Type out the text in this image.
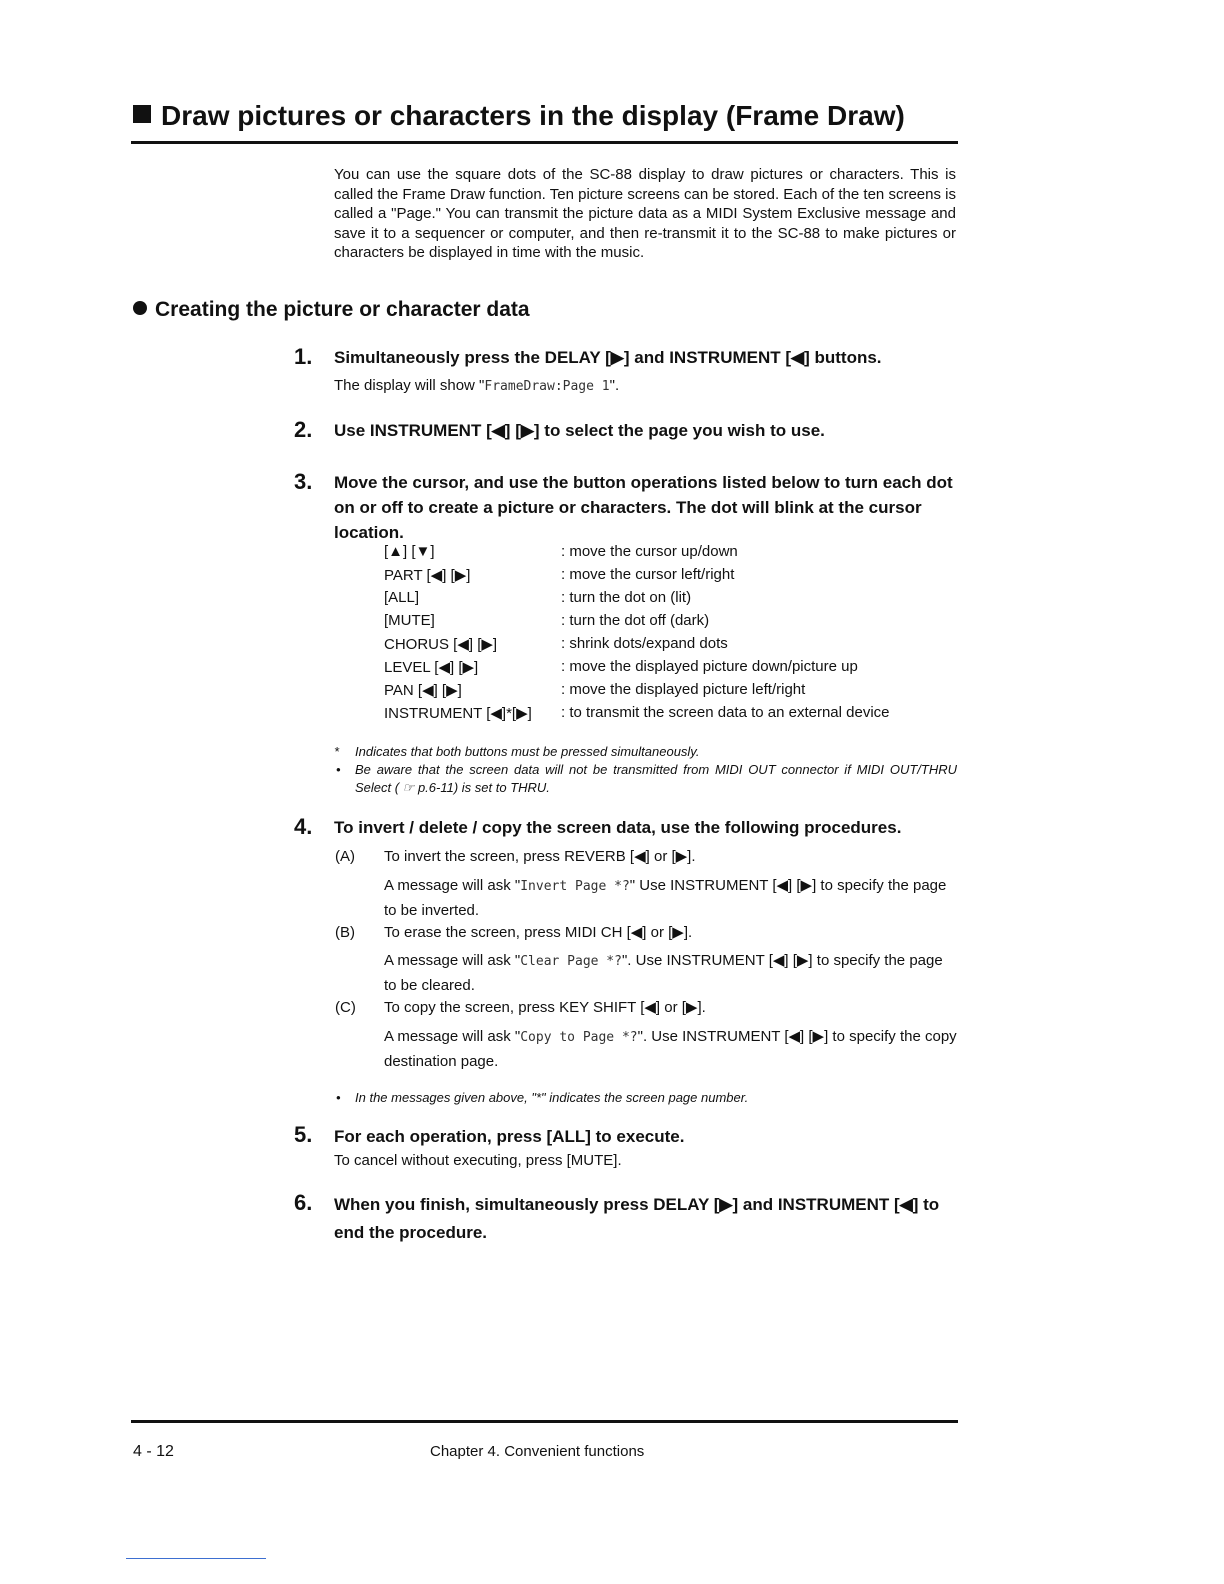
Draw pictures or characters in the display (Frame Draw)
You can use the square dots of the SC-88 display to draw pictures or characters. This is called the Frame Draw function. Ten picture screens can be stored. Each of the ten screens is called a "Page." You can transmit the picture data as a MIDI System Exclusive message and save it to a sequencer or computer, and then re-transmit it to the SC-88 to make pictures or characters be displayed in time with the music.
Creating the picture or character data
1. Simultaneously press the DELAY [▶] and INSTRUMENT [◀] buttons.
The display will show "FrameDraw:Page 1".
2. Use INSTRUMENT [◀] [▶] to select the page you wish to use.
3. Move the cursor, and use the button operations listed below to turn each dot on or off to create a picture or characters. The dot will blink at the cursor location.
[▲] [▼]	: move the cursor up/down
PART [◀] [▶]	: move the cursor left/right
[ALL]	: turn the dot on (lit)
[MUTE]	: turn the dot off (dark)
CHORUS [◀] [▶]	: shrink dots/expand dots
LEVEL [◀] [▶]	: move the displayed picture down/picture up
PAN [◀] [▶]	: move the displayed picture left/right
INSTRUMENT [◀]*[▶] : to transmit the screen data to an external device
* Indicates that both buttons must be pressed simultaneously.
• Be aware that the screen data will not be transmitted from MIDI OUT connector if MIDI OUT/THRU Select ( ☞ p.6-11) is set to THRU.
4. To invert / delete / copy the screen data, use the following procedures.
(A) To invert the screen, press REVERB [◀] or [▶].
A message will ask "Invert Page *?" Use INSTRUMENT [◀] [▶] to specify the page to be inverted.
(B) To erase the screen, press MIDI CH [◀] or [▶].
A message will ask "Clear Page *?". Use INSTRUMENT [◀] [▶] to specify the page to be cleared.
(C) To copy the screen, press KEY SHIFT [◀] or [▶].
A message will ask "Copy to Page *?". Use INSTRUMENT [◀] [▶] to specify the copy destination page.
• In the messages given above, "*" indicates the screen page number.
5. For each operation, press [ALL] to execute.
To cancel without executing, press [MUTE].
6. When you finish, simultaneously press DELAY [▶] and INSTRUMENT [◀] to end the procedure.
4 - 12	Chapter 4. Convenient functions
